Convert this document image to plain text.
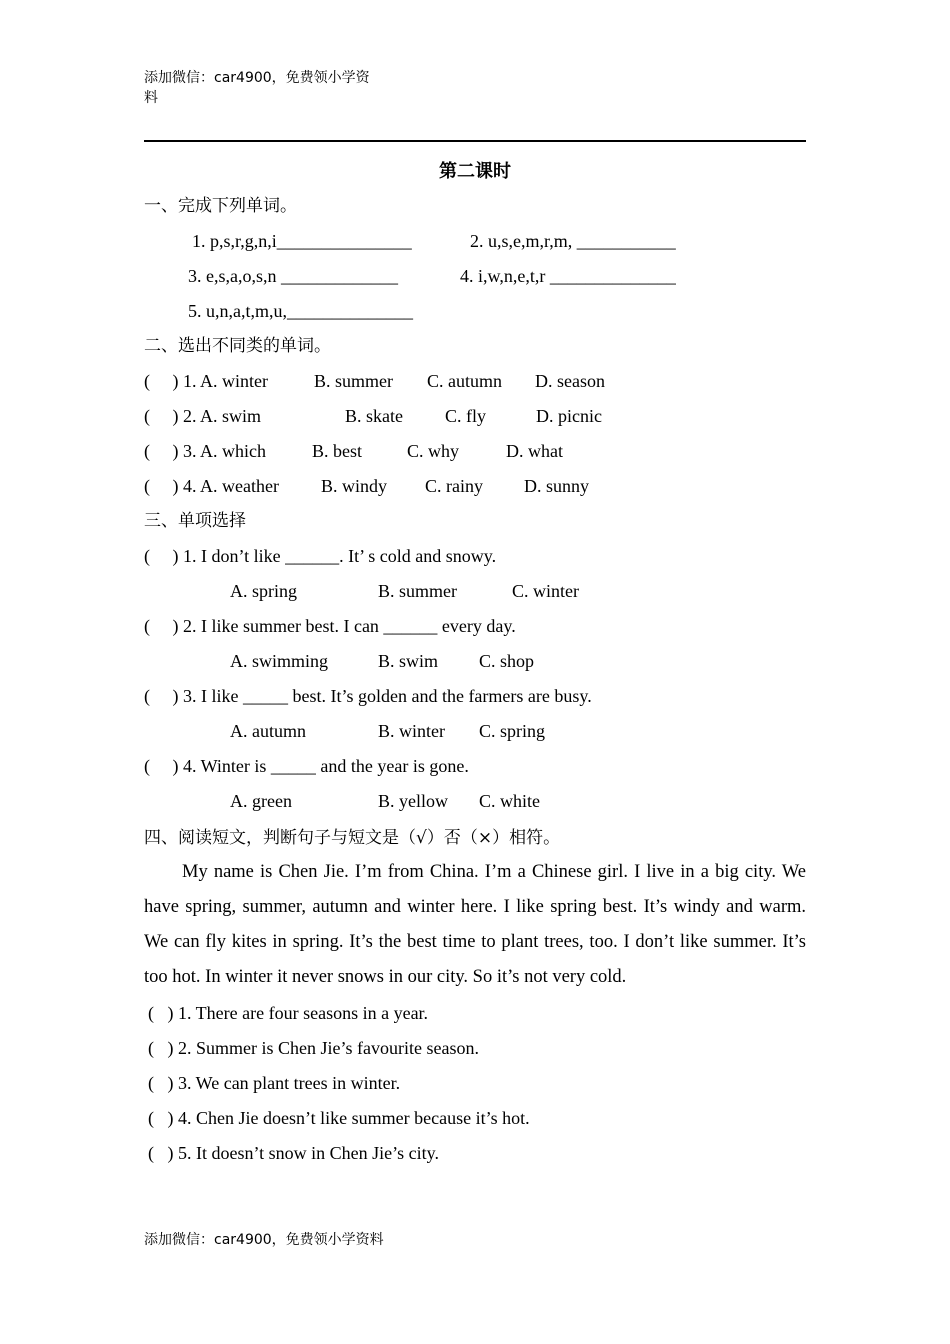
添加微信：car4900，免费领小学资
料
第二课时
一、完成下列单词。
1. p,s,r,g,n,i_______________	2. u,s,e,m,r,m, ___________
3. e,s,a,o,s,n _____________	4. i,w,n,e,t,r ______________
5. u,n,a,t,m,u,______________
二、选出不同类的单词。
(     ) 1. A. winter	B. summer C. autumn D. season
(     ) 2. A. swim	B. skate C. fly	D. picnic
(     ) 3. A. which	B. best C. why	D. what
(     ) 4. A. weather B. windy C. rainy D. sunny
三、单项选择
(     ) 1. I don’t like ______. It’ s cold and snowy.
A. spring	B. summer	C. winter
(     ) 2. I like summer best. I can ______ every day.
A. swimming	B. swim C. shop
(     ) 3. I like _____ best. It’s golden and the farmers are busy.
A. autumn	B. winter C. spring
(     ) 4. Winter is _____ and the year is gone.
A. green	B. yellow C. white
四、阅读短文，判断句子与短文是（√）否（×）相符。
My name is Chen Jie. I’m from China. I’m a Chinese girl. I live in a big city. We have spring, summer, autumn and winter here. I like spring best. It’s windy and warm. We can fly kites in spring. It’s the best time to plant trees, too. I don’t like summer. It’s too hot. In winter it never snows in our city. So it’s not very cold.
(   ) 1. There are four seasons in a year.
(   ) 2. Summer is Chen Jie’s favourite season.
(   ) 3. We can plant trees in winter.
(   ) 4. Chen Jie doesn’t like summer because it’s hot.
(   ) 5. It doesn’t snow in Chen Jie’s city.
添加微信：car4900，免费领小学资料
